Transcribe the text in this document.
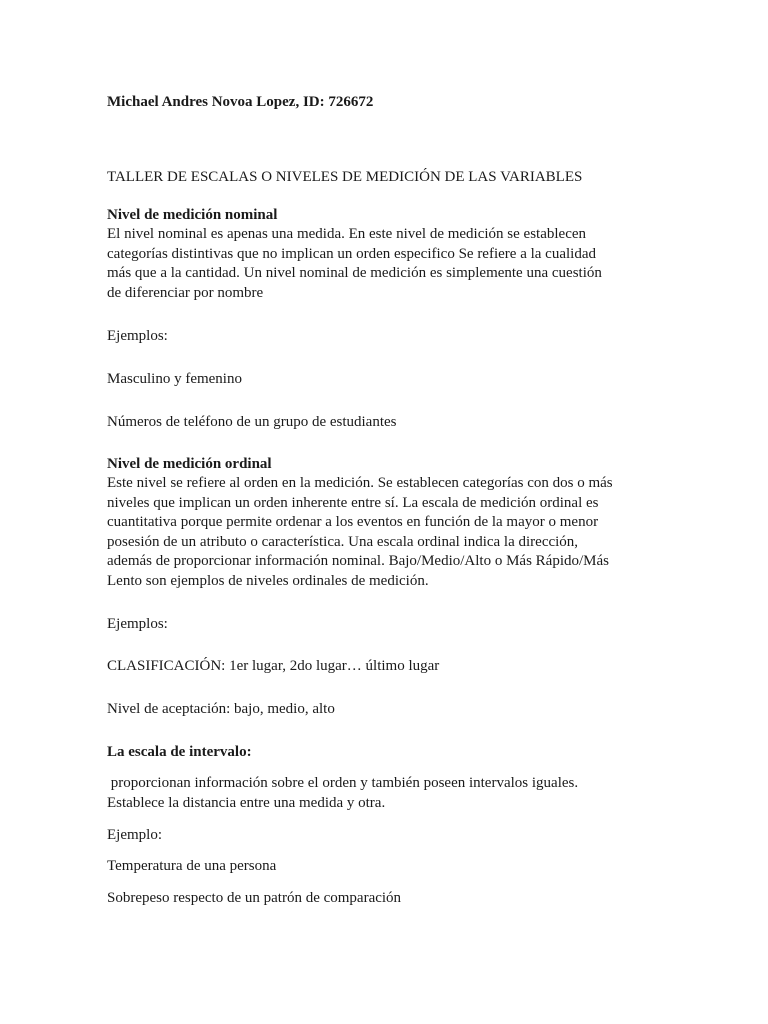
Michael Andres Novoa Lopez, ID: 726672
TALLER DE ESCALAS O NIVELES DE MEDICIÓN DE LAS VARIABLES
Nivel de medición nominal
El nivel nominal es apenas una medida. En este nivel de medición se establecen
categorías distintivas que no implican un orden especifico Se refiere a la cualidad
más que a la cantidad. Un nivel nominal de medición es simplemente una cuestión
de diferenciar por nombre
Ejemplos:
Masculino y femenino
Números de teléfono de un grupo de estudiantes
Nivel de medición ordinal
Este nivel se refiere al orden en la medición. Se establecen categorías con dos o más
niveles que implican un orden inherente entre sí. La escala de medición ordinal es
cuantitativa porque permite ordenar a los eventos en función de la mayor o menor
posesión de un atributo o característica. Una escala ordinal indica la dirección,
además de proporcionar información nominal. Bajo/Medio/Alto o Más Rápido/Más
Lento son ejemplos de niveles ordinales de medición.
Ejemplos:
CLASIFICACIÓN: 1er lugar, 2do lugar… último lugar
Nivel de aceptación: bajo, medio, alto
La escala de intervalo:
proporcionan información sobre el orden y también poseen intervalos iguales.
Establece la distancia entre una medida y otra.
Ejemplo:
Temperatura de una persona
Sobrepeso respecto de un patrón de comparación
